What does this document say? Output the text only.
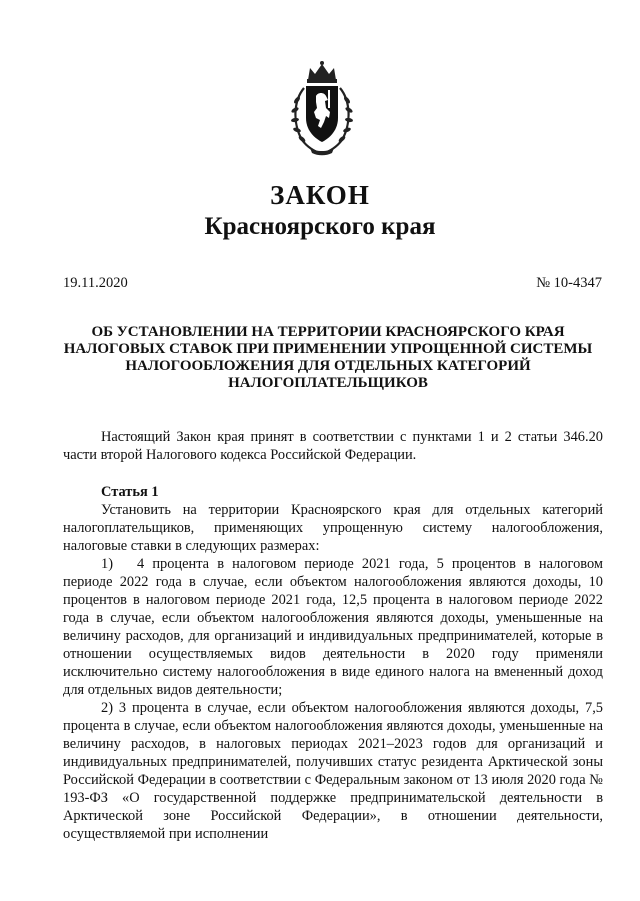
ЗАКОН
Красноярского края
19.11.2020	№ 10-4347
ОБ УСТАНОВЛЕНИИ НА ТЕРРИТОРИИ КРАСНОЯРСКОГО КРАЯ
НАЛОГОВЫХ СТАВОК ПРИ ПРИМЕНЕНИИ УПРОЩЕННОЙ СИСТЕМЫ
НАЛОГООБЛОЖЕНИЯ ДЛЯ ОТДЕЛЬНЫХ КАТЕГОРИЙ
НАЛОГОПЛАТЕЛЬЩИКОВ

Настоящий Закон края принят в соответствии с пунктами 1 и 2 статьи 346.20 части второй Налогового кодекса Российской Федерации.

Статья 1

Установить на территории Красноярского края для отдельных категорий налогоплательщиков, применяющих упрощенную систему налогообложения, налоговые ставки в следующих размерах:

1) 4 процента в налоговом периоде 2021 года, 5 процентов в налоговом периоде 2022 года в случае, если объектом налогообложения являются доходы, 10 процентов в налоговом периоде 2021 года, 12,5 процента в налоговом периоде 2022 года в случае, если объектом налогообложения являются доходы, уменьшенные на величину расходов, для организаций и индивидуальных предпринимателей, которые в отношении осуществляемых видов деятельности в 2020 году применяли исключительно систему налогообложения в виде единого налога на вмененный доход для отдельных видов деятельности;

2) 3 процента в случае, если объектом налогообложения являются доходы, 7,5 процента в случае, если объектом налогообложения являются доходы, уменьшенные на величину расходов, в налоговых периодах 2021–2023 годов для организаций и индивидуальных предпринимателей, получивших статус резидента Арктической зоны Российской Федерации в соответствии с Федеральным законом от 13 июля 2020 года № 193-ФЗ «О государственной поддержке предпринимательской деятельности в Арктической зоне Российской Федерации», в отношении деятельности, осуществляемой при исполнении
